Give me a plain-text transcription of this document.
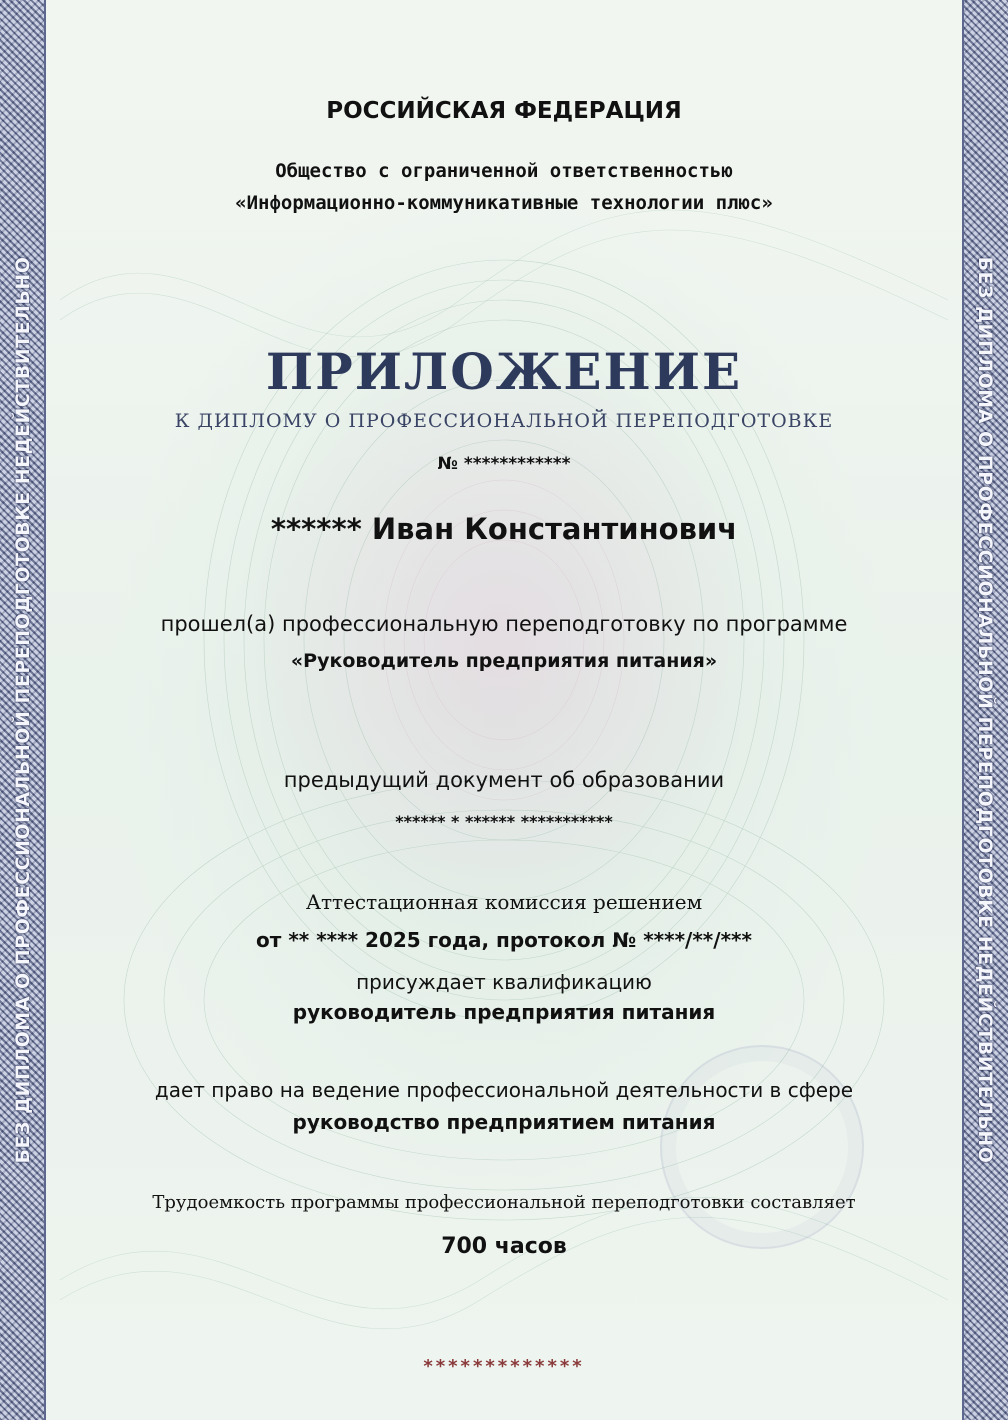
БЕЗ ДИПЛОМА О ПРОФЕССИОНАЛЬНОЙ ПЕРЕПОДГОТОВКЕ НЕДЕЙСТВИТЕЛЬНО	БЕЗ ДИПЛОМА О ПРОФЕССИОНАЛЬНОЙ ПЕРЕПОДГОТОВКЕ НЕДЕЙСТВИТЕЛЬНО
РОССИЙСКАЯ ФЕДЕРАЦИЯ
Общество с ограниченной ответственностью
«Информационно-коммуникативные технологии плюс»
ПРИЛОЖЕНИЕ
К ДИПЛОМУ О ПРОФЕССИОНАЛЬНОЙ ПЕРЕПОДГОТОВКЕ
№ ************
****** Иван Константинович
прошел(а) профессиональную переподготовку по программе
«Руководитель предприятия питания»
предыдущий документ об образовании
****** * ****** ***********
Аттестационная комиссия решением
от ** **** 2025 года, протокол № ****/**/***
присуждает квалификацию
руководитель предприятия питания
дает право на ведение профессиональной деятельности в сфере
руководство предприятием питания
Трудоемкость программы профессиональной переподготовки составляет
700 часов
*************
